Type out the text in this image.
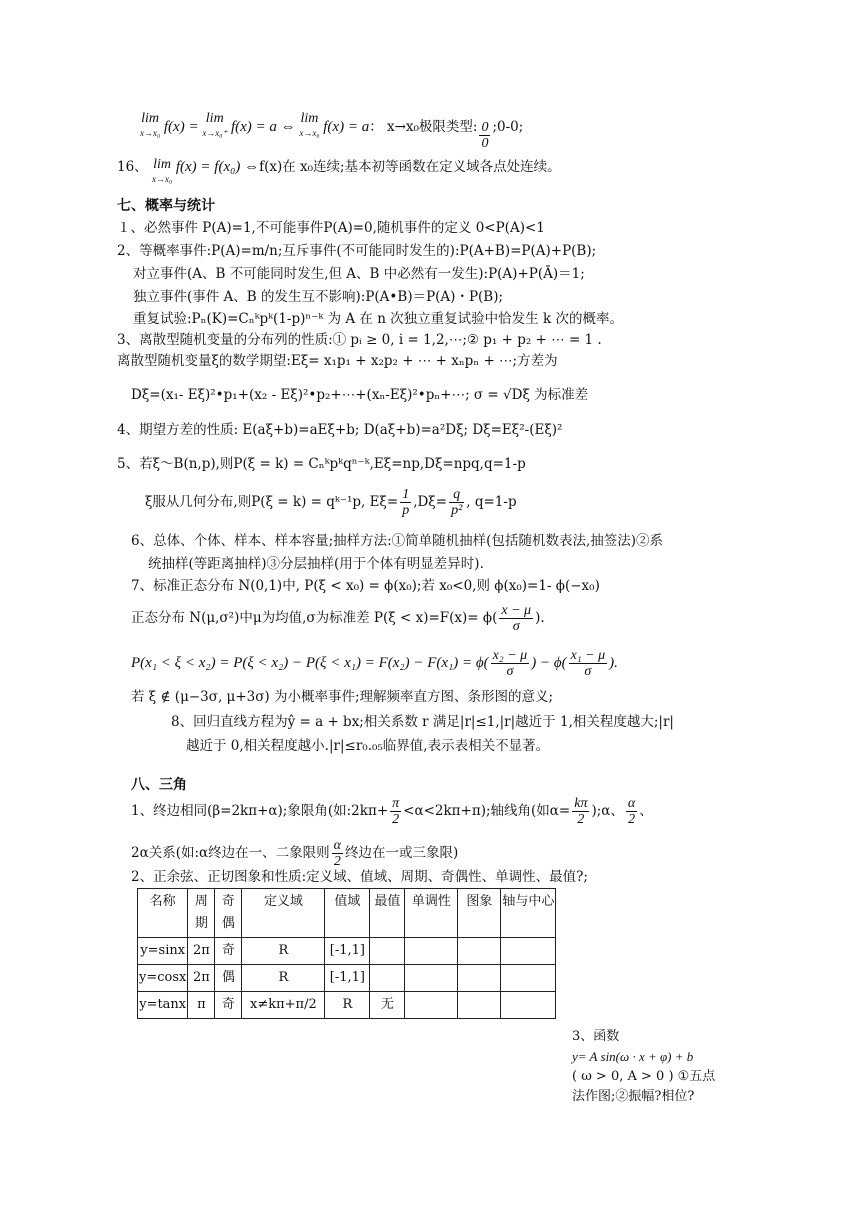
lim
x→x₀ f(x) =
lim
x→x₀⁺ f(x) = a ⇔
lim
x→x₀ f(x) = a： x→x₀极限类型: $\frac{0}{0}$ ;0-0;
16、 lim
x→x₀
f(x) = f(x₀) ⇔f(x)在 x₀连续;基本初等函数在定义域各点处连续。
七、概率与统计
１、必然事件 P(A)=1,不可能事件P(A)=0,随机事件的定义 0<P(A)<1
2、等概率事件:P(A)=m/n;互斥事件(不可能同时发生的):P(A+B)=P(A)+P(B);
对立事件(A、B 不可能同时发生,但 A、B 中必然有一发生):P(A)+P(Ā)＝1;
独立事件(事件 A、B 的发生互不影响):P(A•B)＝P(A)・P(B);
重复试验:Pₙ(K)=Cₙᵏpᵏ(1-p)ⁿ⁻ᵏ 为 A 在 n 次独立重复试验中恰发生 k 次的概率。
3、离散型随机变量的分布列的性质:① pᵢ ≥ 0, i = 1,2,⋯;② p₁ + p₂ + ⋯ = 1 .
离散型随机变量ξ的数学期望:Eξ= x₁p₁ + x₂p₂ + ⋯ + xₙpₙ + ⋯;方差为
Dξ=(x₁- Eξ)²•p₁+(x₂ - Eξ)²•p₂+⋯+(xₙ-Eξ)²•pₙ+⋯; σ = √Dξ 为标准差
4、期望方差的性质: E(aξ+b)=aEξ+b; D(aξ+b)=a²Dξ; Dξ=Eξ²-(Eξ)²
5、若ξ～B(n,p),则P(ξ = k) = Cₙᵏpᵏqⁿ⁻ᵏ,Eξ=np,Dξ=npq,q=1-p
ξ服从几何分布,则P(ξ = k) = qᵏ⁻¹p, $E\xi= \frac{1}{p} ,D\xi= \frac{q}{\text{p²}}$ , q=1-p
6、总体、个体、样本、样本容量;抽样方法:①简单随机抽样(包括随机数表法,抽签法)②系
统抽样(等距离抽样)③分层抽样(用于个体有明显差异时).
7、标准正态分布 N(0,1)中, P(ξ < x₀) = ϕ(x₀);若 x₀<0,则 ϕ(x₀)=1- ϕ(−x₀)
正态分布 N(μ,σ²)中μ为均值,σ为标准差 $P(\xi < x)=F(x)= \phi( \frac{x - \mu}{\sigma}$ ).
$P(x_1 < \xi < x_2) = P(\xi < x_2) - P(\xi < x_1) = F(x_2) - F(x_1) = \phi( \frac{\text{x₂ − μ}}{\sigma}$ ) − $\phi( \frac{\text{x₁ − μ}}{\sigma}$ ).
若 ξ ∉ (μ−3σ, μ+3σ) 为小概率事件;理解频率直方图、条形图的意义;
8、回归直线方程为ŷ = a + bx;相关系数 r 满足|r|≤1,|r|越近于 1,相关程度越大;|r|
越近于 0,相关程度越小.|r|≤r₀.₀₅临界值,表示表相关不显著。
八、三角
1、终边相同(β=2kπ+α);象限角(如:2kπ+ $\frac{\pi}{2} <\alpha<2k\pi+\pi$);轴线角(如$\alpha= \frac{k\pi}{2}$ );α、 $\frac{\alpha}{2}$ 、
2α关系(如:α终边在一、二象限则 $\frac{\alpha}{2}$ 终边在一或三象限)
2、正余弦、正切图象和性质:定义域、值域、周期、奇偶性、单调性、最值?;
名称	周期	奇偶	定义域	值域	最值	单调性	图象	轴与中心
y=sinx	2π	奇	R	[-1,1]				
y=cosx	2π	偶	R	[-1,1]				
y=tanx	π	奇	x≠kπ+π/2	R	无			
3、函数
y= A sin(ω · x + φ) + b
( ω > 0, A > 0 ) ①五点
法作图;②振幅?相位?
